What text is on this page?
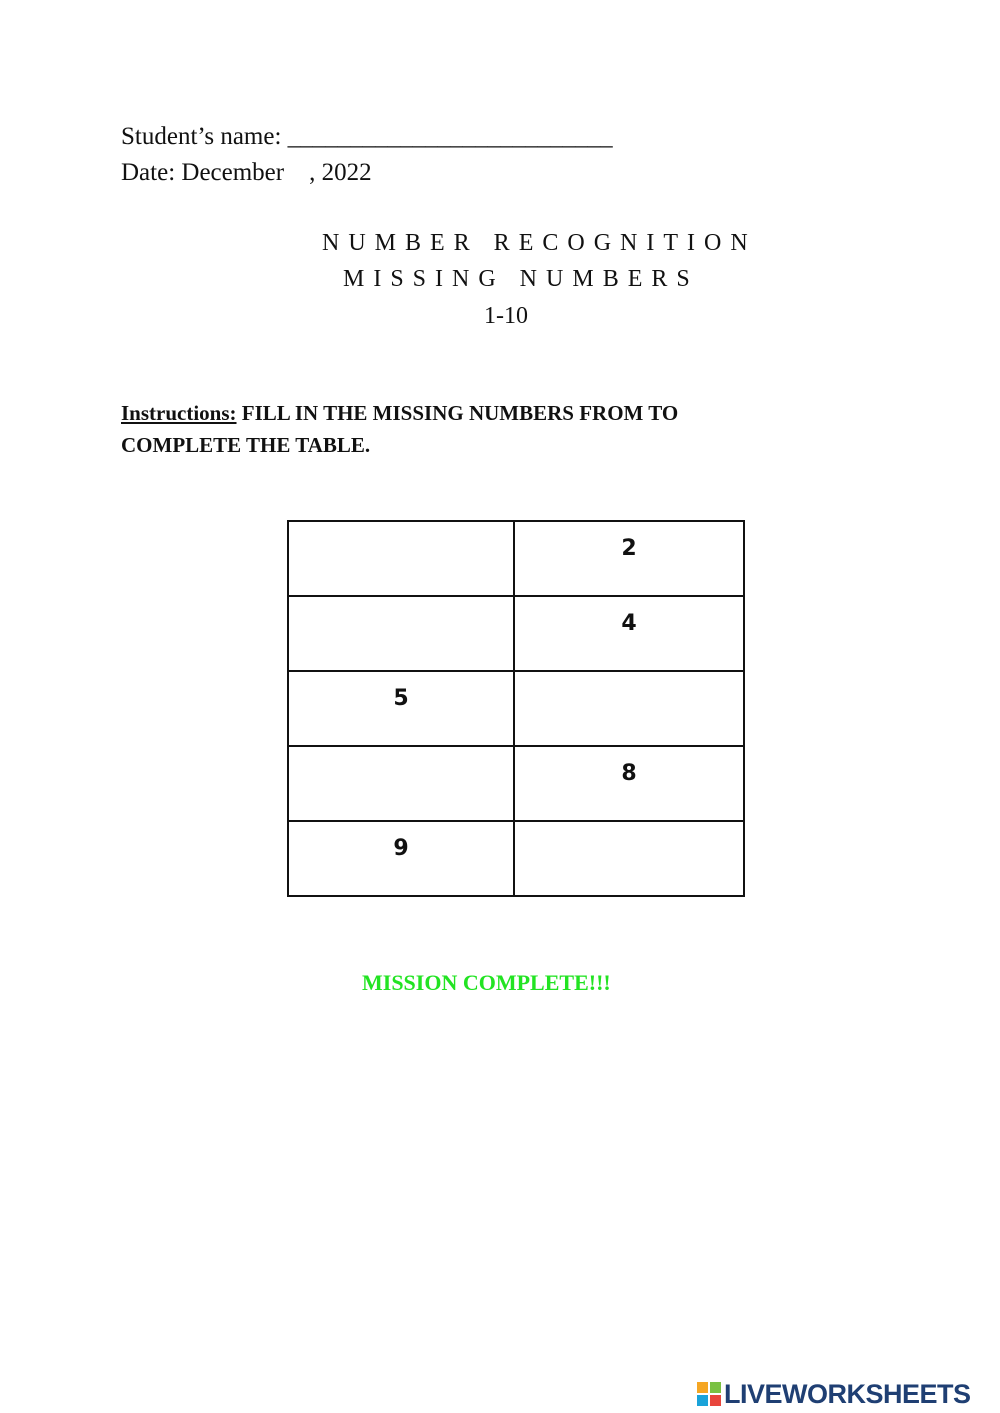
Student’s name: __________________________
Date: December    , 2022
NUMBER RECOGNITION
MISSING NUMBERS
1-10
Instructions: FILL IN THE MISSING NUMBERS FROM TO COMPLETE THE TABLE.

	2

	4

5	

	8

9	

MISSION COMPLETE!!!
LIVEWORKSHEETS
